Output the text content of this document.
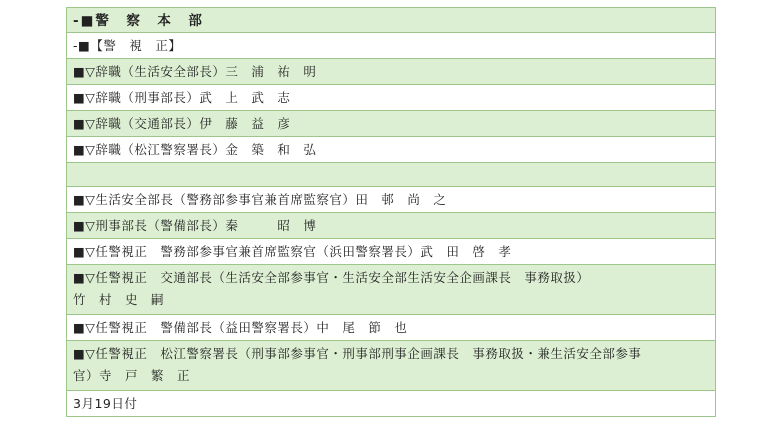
-■警　察　本　部
-■【警　視　正】
■▽辞職（生活安全部長）三　浦　祐　明
■▽辞職（刑事部長）武　上　武　志
■▽辞職（交通部長）伊　藤　益　彦
■▽辞職（松江警察署長）金　築　和　弘
■▽生活安全部長（警務部参事官兼首席監察官）田　邨　尚　之
■▽刑事部長（警備部長）秦　　　昭　博
■▽任警視正　警務部参事官兼首席監察官（浜田警察署長）武　田　啓　孝
■▽任警視正　交通部長（生活安全部参事官・生活安全部生活安全企画課長　事務取扱）
竹　村　史　嗣
■▽任警視正　警備部長（益田警察署長）中　尾　節　也
■▽任警視正　松江警察署長（刑事部参事官・刑事部刑事企画課長　事務取扱・兼生活安全部参事
官）寺　戸　繁　正
3月19日付
